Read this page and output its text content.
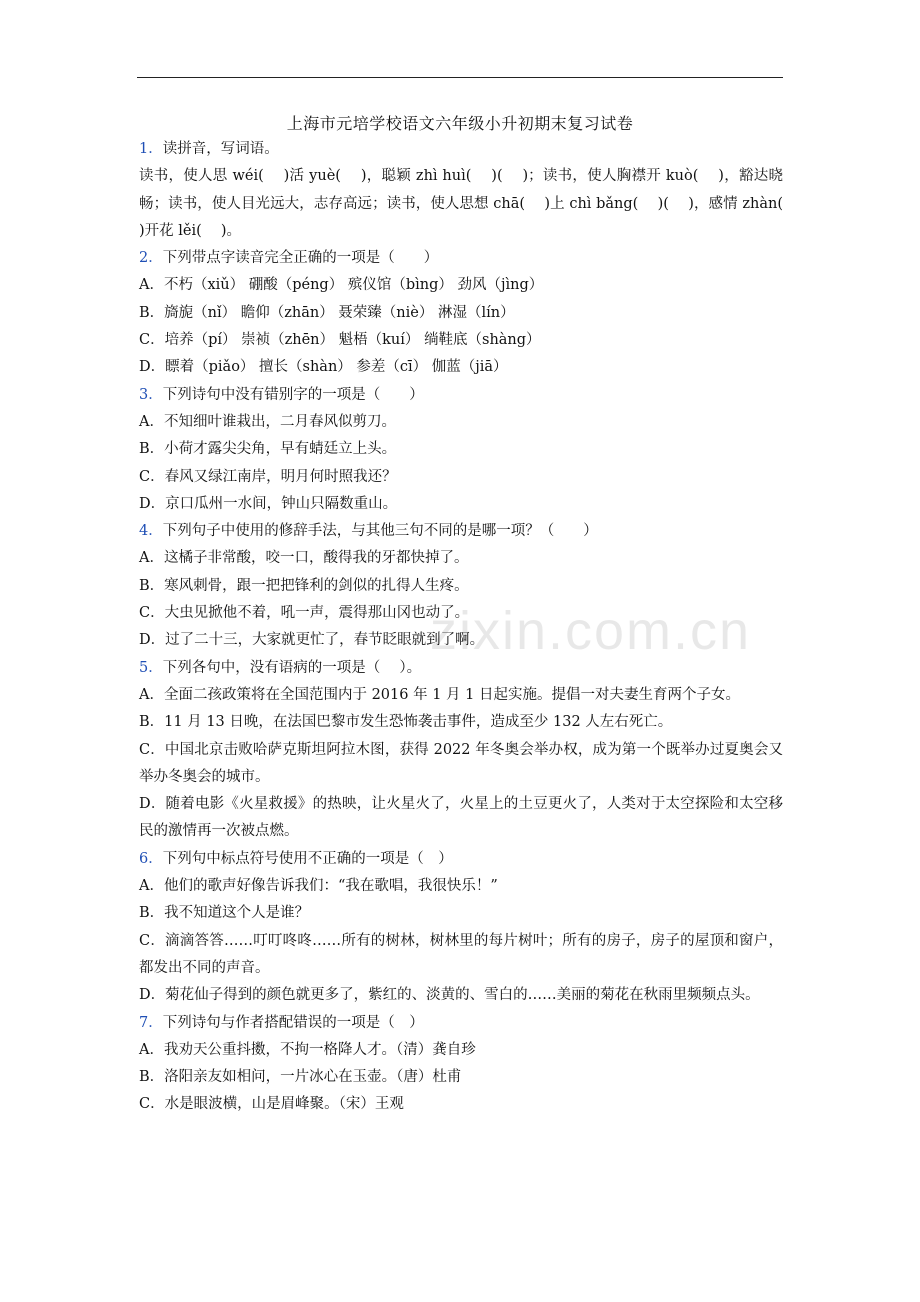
上海市元培学校语文六年级小升初期末复习试卷
zixin.com.cn
1．读拼音，写词语。
读书，使人思 wéi(　 )活 yuè(　 )，聪颖 zhì huì(　 )(　 )；读书，使人胸襟开 kuò(　 )，豁达晓畅；读书，使人目光远大，志存高远；读书，使人思想 chā(　 )上 chì bǎng(　 )(　 )，感情 zhàn(　 )开花 lěi(　 )。
2．下列带点字读音完全正确的一项是（　　）
A．不朽（xiǔ） 硼酸（péng） 殡仪馆（bìng） 劲风（jìng）
B．旖旎（nǐ） 瞻仰（zhān） 聂荣臻（niè） 淋湿（lín）
C．培养（pí） 崇祯（zhēn） 魁梧（kuí） 绱鞋底（shàng）
D．瞟着（piǎo） 擅长（shàn） 参差（cī） 伽蓝（jiā）
3．下列诗句中没有错别字的一项是（　　）
A．不知细叶谁栽出，二月春风似剪刀。
B．小荷才露尖尖角，早有蜻廷立上头。
C．春风又绿江南岸，明月何时照我还？
D．京口瓜州一水间，钟山只隔数重山。
4．下列句子中使用的修辞手法，与其他三句不同的是哪一项？（　　）
A．这橘子非常酸，咬一口，酸得我的牙都快掉了。
B．寒风刺骨，跟一把把锋利的剑似的扎得人生疼。
C．大虫见掀他不着，吼一声，震得那山冈也动了。
D．过了二十三，大家就更忙了，春节眨眼就到了啊。
5．下列各句中，没有语病的一项是（　 ）。
A．全面二孩政策将在全国范围内于 2016 年 1 月 1 日起实施。提倡一对夫妻生育两个子女。
B．11 月 13 日晚，在法国巴黎市发生恐怖袭击事件，造成至少 132 人左右死亡。
C．中国北京击败哈萨克斯坦阿拉木图，获得 2022 年冬奥会举办权，成为第一个既举办过夏奥会又举办冬奥会的城市。
D．随着电影《火星救援》的热映，让火星火了，火星上的土豆更火了，人类对于太空探险和太空移民的激情再一次被点燃。
6．下列句中标点符号使用不正确的一项是（　）
A．他们的歌声好像告诉我们：“我在歌唱，我很快乐！”
B．我不知道这个人是谁？
C．滴滴答答……叮叮咚咚……所有的树林，树林里的每片树叶；所有的房子，房子的屋顶和窗户，都发出不同的声音。
D．菊花仙子得到的颜色就更多了，紫红的、淡黄的、雪白的……美丽的菊花在秋雨里频频点头。
7．下列诗句与作者搭配错误的一项是（　）
A．我劝天公重抖擞，不拘一格降人才。（清）龚自珍
B．洛阳亲友如相问，一片冰心在玉壶。（唐）杜甫
C．水是眼波横，山是眉峰聚。（宋）王观
